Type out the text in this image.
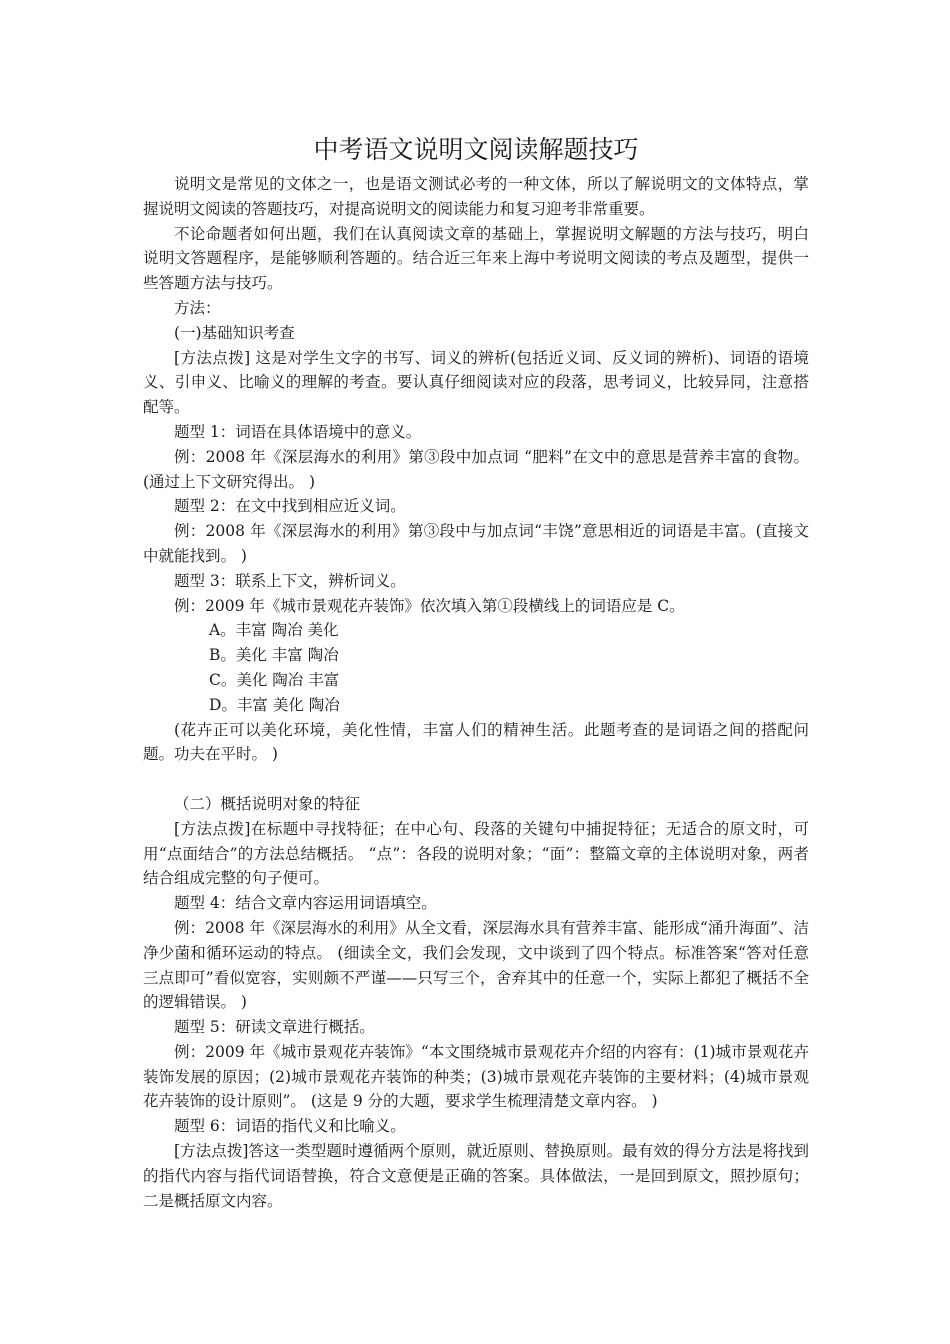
中考语文说明文阅读解题技巧

说明文是常见的文体之一，也是语文测试必考的一种文体，所以了解说明文的文体特点，掌握说明文阅读的答题技巧，对提高说明文的阅读能力和复习迎考非常重要。

不论命题者如何出题，我们在认真阅读文章的基础上，掌握说明文解题的方法与技巧，明白说明文答题程序，是能够顺利答题的。结合近三年来上海中考说明文阅读的考点及题型，提供一些答题方法与技巧。

方法：

(一)基础知识考查

[方法点拨] 这是对学生文字的书写、词义的辨析(包括近义词、反义词的辨析)、词语的语境义、引申义、比喻义的理解的考查。要认真仔细阅读对应的段落，思考词义，比较异同，注意搭配等。

题型 1：词语在具体语境中的意义。

例：2008 年《深层海水的利用》第③段中加点词 “肥料”在文中的意思是营养丰富的食物。 (通过上下文研究得出。 )

题型 2：在文中找到相应近义词。

例：2008 年《深层海水的利用》第③段中与加点词“丰饶”意思相近的词语是丰富。(直接文中就能找到。 )

题型 3：联系上下文，辨析词义。

例：2009 年《城市景观花卉装饰》依次填入第①段横线上的词语应是 C。

A。丰富 陶冶 美化

B。美化 丰富 陶冶

C。美化 陶冶 丰富

D。丰富 美化 陶冶

(花卉正可以美化环境，美化性情，丰富人们的精神生活。此题考查的是词语之间的搭配问题。功夫在平时。 )

（二）概括说明对象的特征

[方法点拨]在标题中寻找特征；在中心句、段落的关键句中捕捉特征；无适合的原文时，可用“点面结合”的方法总结概括。 “点”：各段的说明对象；“面”：整篇文章的主体说明对象，两者结合组成完整的句子便可。

题型 4：结合文章内容运用词语填空。

例：2008 年《深层海水的利用》从全文看，深层海水具有营养丰富、能形成“涌升海面”、洁净少菌和循环运动的特点。 (细读全文，我们会发现，文中谈到了四个特点。标准答案“答对任意三点即可”看似宽容，实则颇不严谨——只写三个，舍弃其中的任意一个，实际上都犯了概括不全的逻辑错误。 )

题型 5：研读文章进行概括。

例：2009 年《城市景观花卉装饰》“本文围绕城市景观花卉介绍的内容有：(1)城市景观花卉装饰发展的原因；(2)城市景观花卉装饰的种类；(3)城市景观花卉装饰的主要材料；(4)城市景观花卉装饰的设计原则”。 (这是 9 分的大题，要求学生梳理清楚文章内容。 )

题型 6：词语的指代义和比喻义。

[方法点拨]答这一类型题时遵循两个原则，就近原则、替换原则。最有效的得分方法是将找到的指代内容与指代词语替换，符合文意便是正确的答案。具体做法，一是回到原文，照抄原句；二是概括原文内容。
